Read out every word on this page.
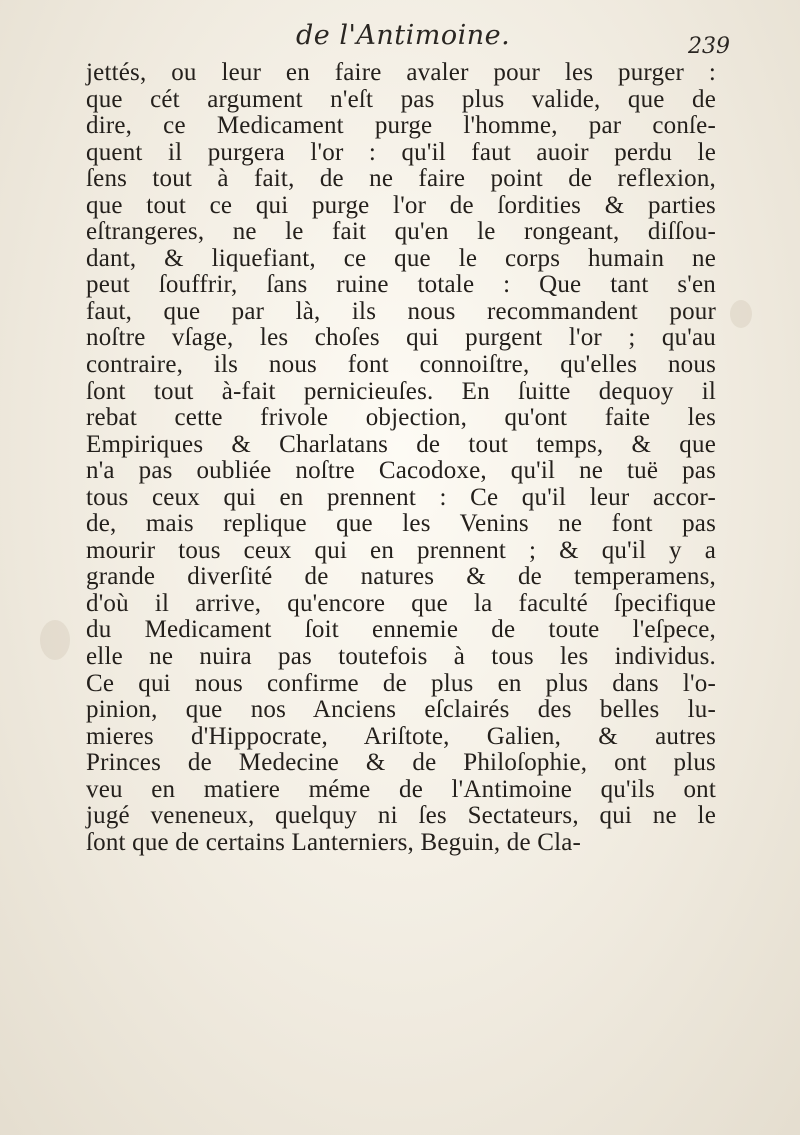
de l'Antimoine.	239
jettés, ou leur en faire avaler pour les purger :
que cét argument n'eſt pas plus valide, que de
dire, ce Medicament purge l'homme, par conſe-
quent il purgera l'or : qu'il faut auoir perdu le
ſens tout à fait, de ne faire point de reflexion,
que tout ce qui purge l'or de ſordities & parties
eſtrangeres, ne le fait qu'en le rongeant, diſſou-
dant, & liquefiant, ce que le corps humain ne
peut ſouffrir, ſans ruine totale : Que tant s'en
faut, que par là, ils nous recommandent pour
noſtre vſage, les choſes qui purgent l'or ; qu'au
contraire, ils nous font connoiſtre, qu'elles nous
ſont tout à-fait pernicieuſes. En ſuitte dequoy il
rebat cette frivole objection, qu'ont faite les
Empiriques & Charlatans de tout temps, & que
n'a pas oubliée noſtre Cacodoxe, qu'il ne tuë pas
tous ceux qui en prennent : Ce qu'il leur accor-
de, mais replique que les Venins ne font pas
mourir tous ceux qui en prennent ; & qu'il y a
grande diverſité de natures & de temperamens,
d'où il arrive, qu'encore que la faculté ſpecifique
du Medicament ſoit ennemie de toute l'eſpece,
elle ne nuira pas toutefois à tous les individus.
Ce qui nous confirme de plus en plus dans l'o-
pinion, que nos Anciens eſclairés des belles lu-
mieres d'Hippocrate, Ariſtote, Galien, & autres
Princes de Medecine & de Philoſophie, ont plus
veu en matiere méme de l'Antimoine qu'ils ont
jugé veneneux, quelquy ni ſes Sectateurs, qui ne le
ſont que de certains Lanterniers, Beguin, de Cla-
